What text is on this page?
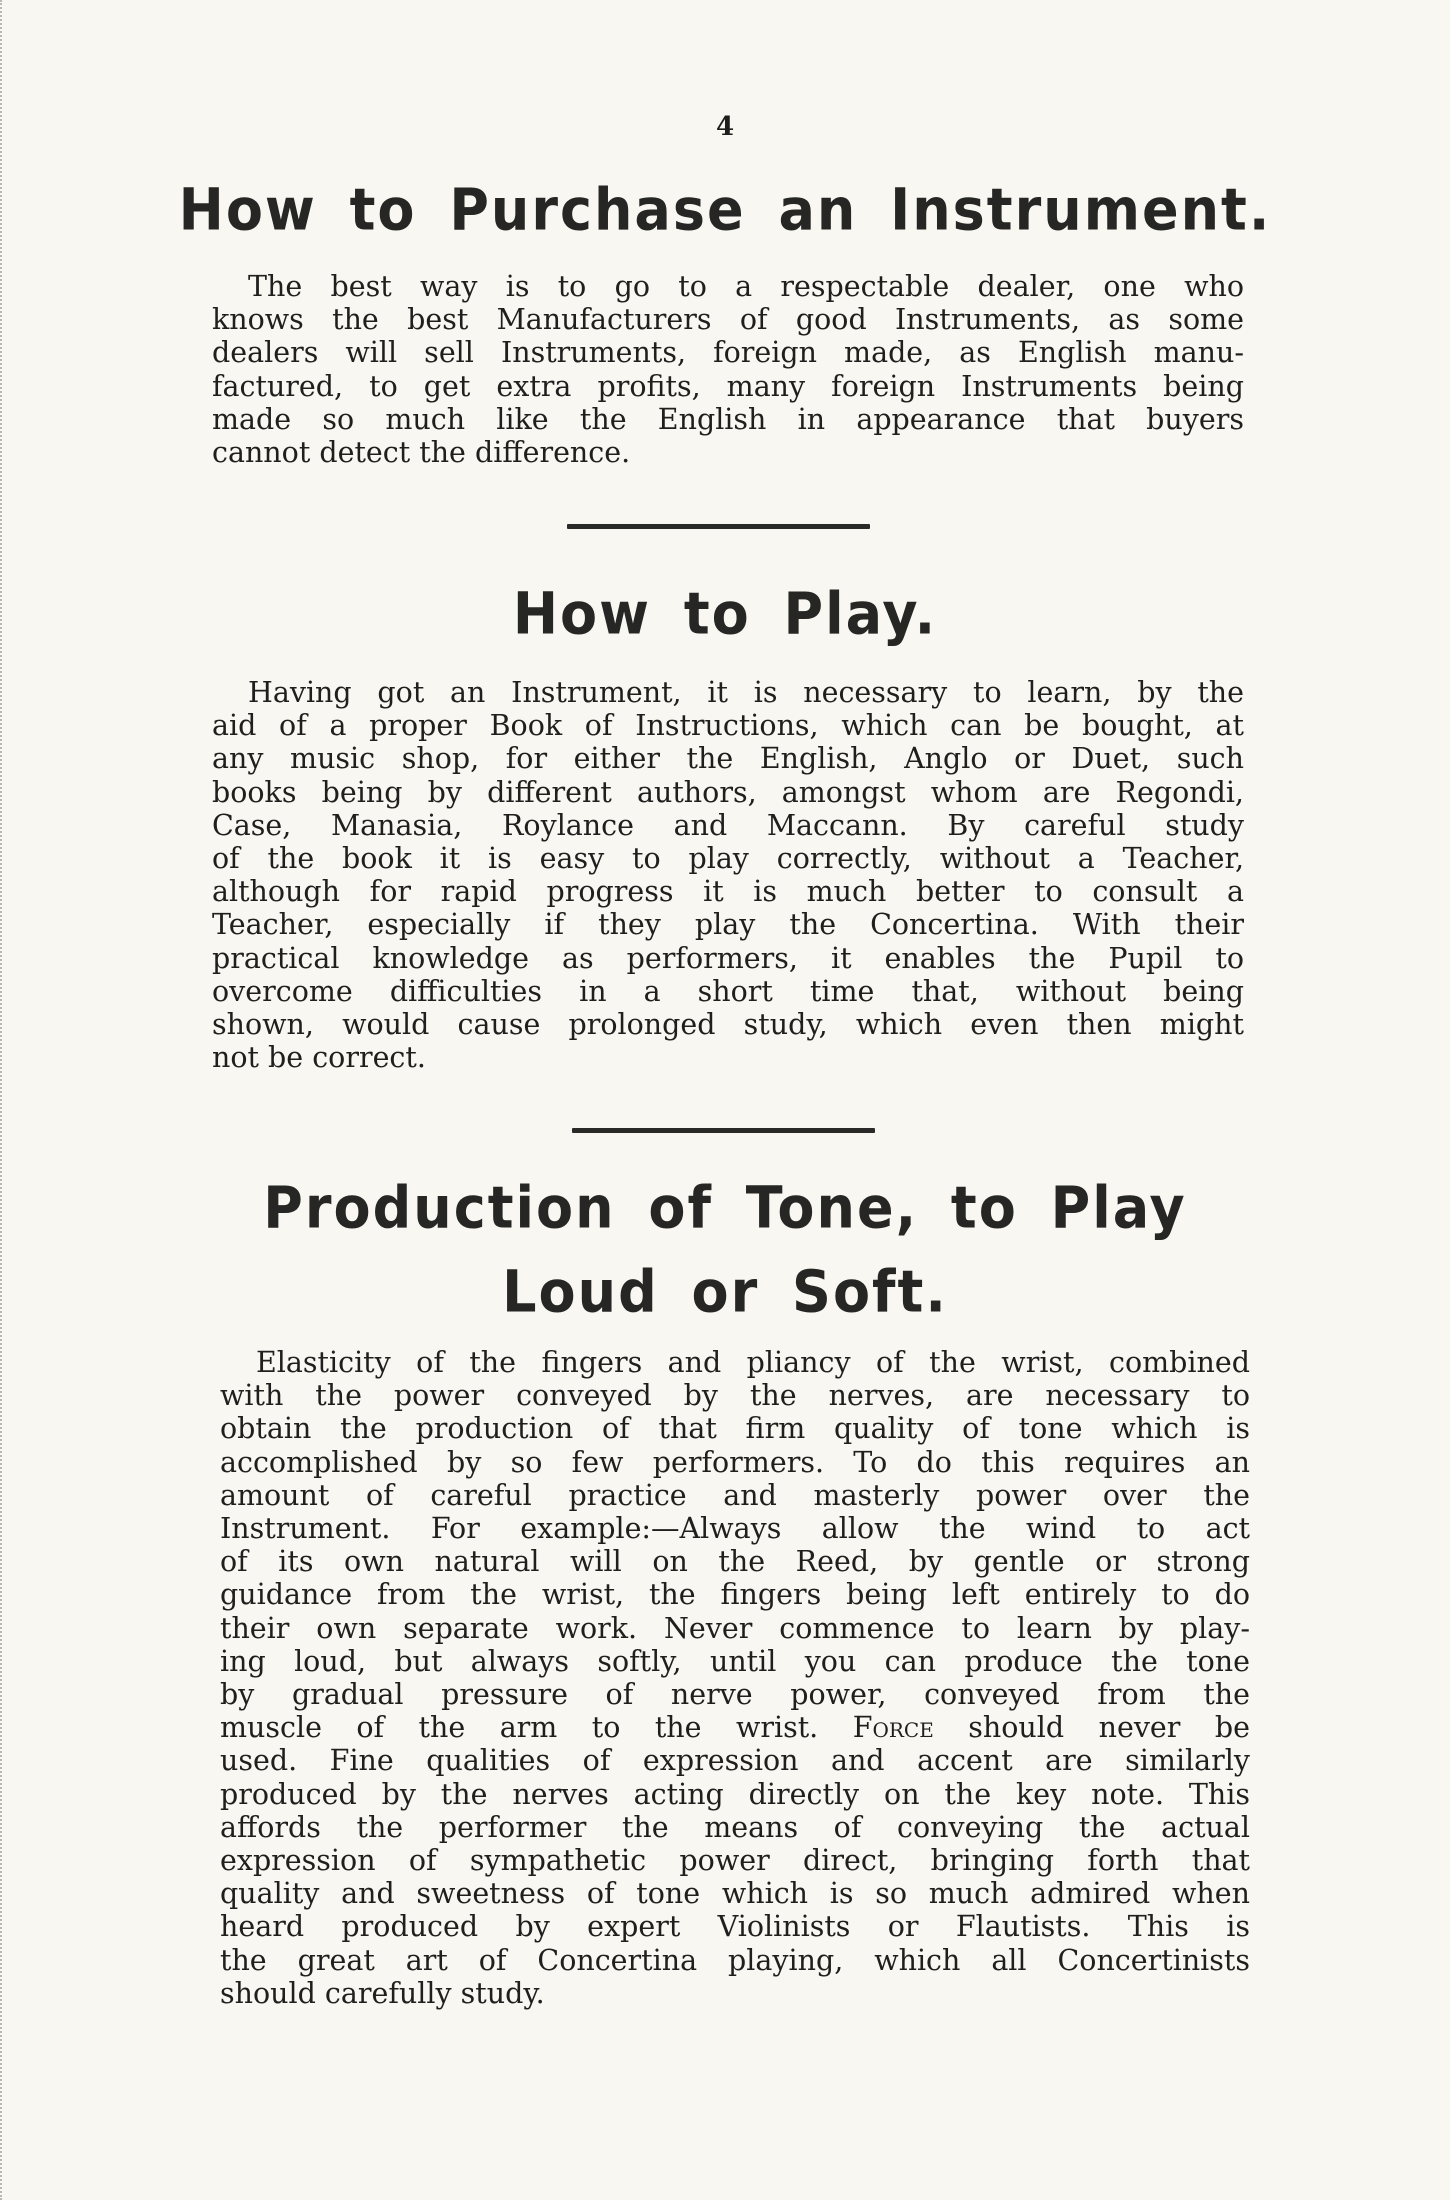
4
How to Purchase an Instrument.
The best way is to go to a respectable dealer, one who
knows the best Manufacturers of good Instruments, as some
dealers will sell Instruments, foreign made, as English manu-
factured, to get extra profits, many foreign Instruments being
made so much like the English in appearance that buyers
cannot detect the difference.
How to Play.
Having got an Instrument, it is necessary to learn, by the
aid of a proper Book of Instructions, which can be bought, at
any music shop, for either the English, Anglo or Duet, such
books being by different authors, amongst whom are Regondi,
Case, Manasia, Roylance and Maccann. By careful study
of the book it is easy to play correctly, without a Teacher,
although for rapid progress it is much better to consult a
Teacher, especially if they play the Concertina. With their
practical knowledge as performers, it enables the Pupil to
overcome difficulties in a short time that, without being
shown, would cause prolonged study, which even then might
not be correct.
Production of Tone, to Play
Loud or Soft.
Elasticity of the fingers and pliancy of the wrist, combined
with the power conveyed by the nerves, are necessary to
obtain the production of that firm quality of tone which is
accomplished by so few performers. To do this requires an
amount of careful practice and masterly power over the
Instrument. For example:—Always allow the wind to act
of its own natural will on the Reed, by gentle or strong
guidance from the wrist, the fingers being left entirely to do
their own separate work. Never commence to learn by play-
ing loud, but always softly, until you can produce the tone
by gradual pressure of nerve power, conveyed from the
muscle of the arm to the wrist. Force should never be
used. Fine qualities of expression and accent are similarly
produced by the nerves acting directly on the key note. This
affords the performer the means of conveying the actual
expression of sympathetic power direct, bringing forth that
quality and sweetness of tone which is so much admired when
heard produced by expert Violinists or Flautists. This is
the great art of Concertina playing, which all Concertinists
should carefully study.
